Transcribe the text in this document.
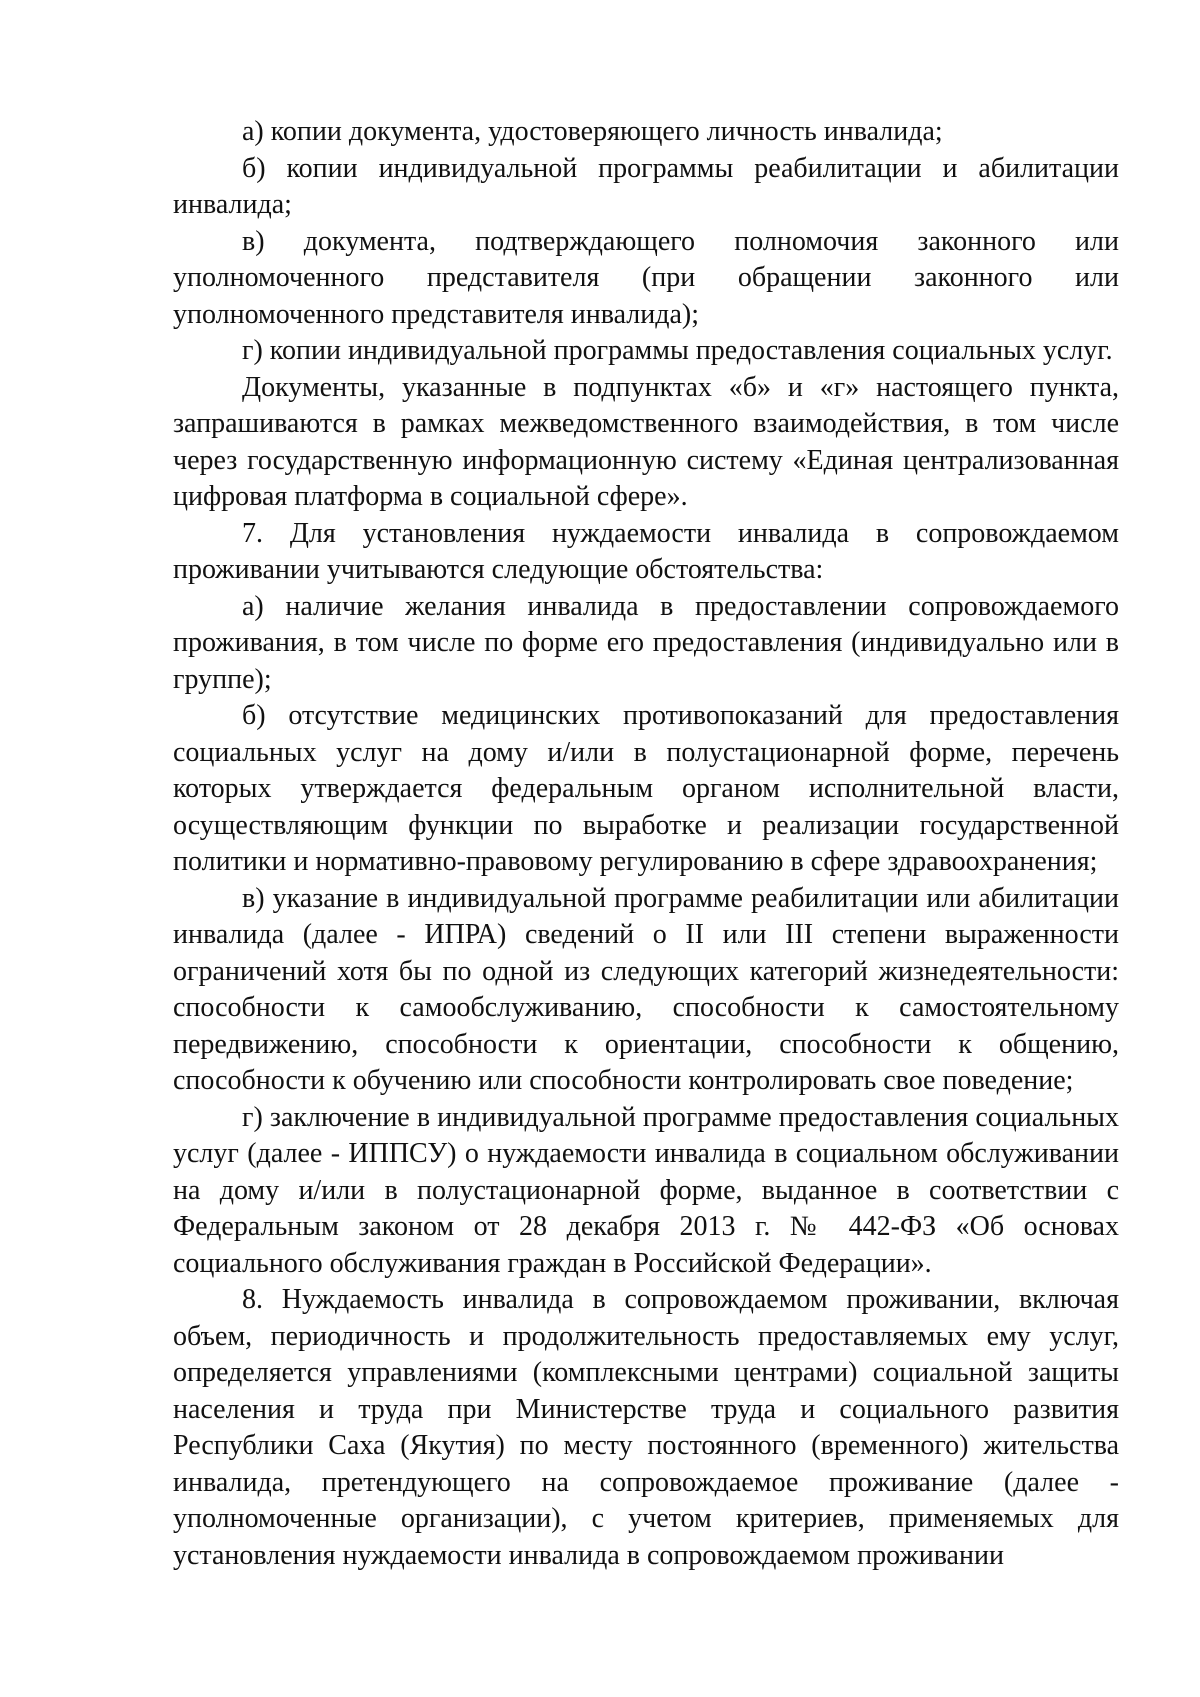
а) копии документа, удостоверяющего личность инвалида;

б) копии индивидуальной программы реабилитации и абилитации инвалида;

в) документа, подтверждающего полномочия законного или уполномоченного представителя (при обращении законного или уполномоченного представителя инвалида);

г) копии индивидуальной программы предоставления социальных услуг.

Документы, указанные в подпунктах «б» и «г» настоящего пункта, запрашиваются в рамках межведомственного взаимодействия, в том числе через государственную информационную систему «Единая централизованная цифровая платформа в социальной сфере».

7. Для установления нуждаемости инвалида в сопровождаемом проживании учитываются следующие обстоятельства:

а) наличие желания инвалида в предоставлении сопровождаемого проживания, в том числе по форме его предоставления (индивидуально или в группе);

б) отсутствие медицинских противопоказаний для предоставления социальных услуг на дому и/или в полустационарной форме, перечень которых утверждается федеральным органом исполнительной власти, осуществляющим функции по выработке и реализации государственной политики и нормативно-правовому регулированию в сфере здравоохранения;

в) указание в индивидуальной программе реабилитации или абилитации инвалида (далее - ИПРА) сведений о II или III степени выраженности ограничений хотя бы по одной из следующих категорий жизнедеятельности: способности к самообслуживанию, способности к самостоятельному передвижению, способности к ориентации, способности к общению, способности к обучению или способности контролировать свое поведение;

г) заключение в индивидуальной программе предоставления социальных услуг (далее - ИППСУ) о нуждаемости инвалида в социальном обслуживании на дому и/или в полустационарной форме, выданное в соответствии с Федеральным законом от 28 декабря 2013 г. № 442-ФЗ «Об основах социального обслуживания граждан в Российской Федерации».

8. Нуждаемость инвалида в сопровождаемом проживании, включая объем, периодичность и продолжительность предоставляемых ему услуг, определяется управлениями (комплексными центрами) социальной защиты населения и труда при Министерстве труда и социального развития Республики Саха (Якутия) по месту постоянного (временного) жительства инвалида, претендующего на сопровождаемое проживание (далее - уполномоченные организации), с учетом критериев, применяемых для установления нуждаемости инвалида в сопровождаемом проживании
